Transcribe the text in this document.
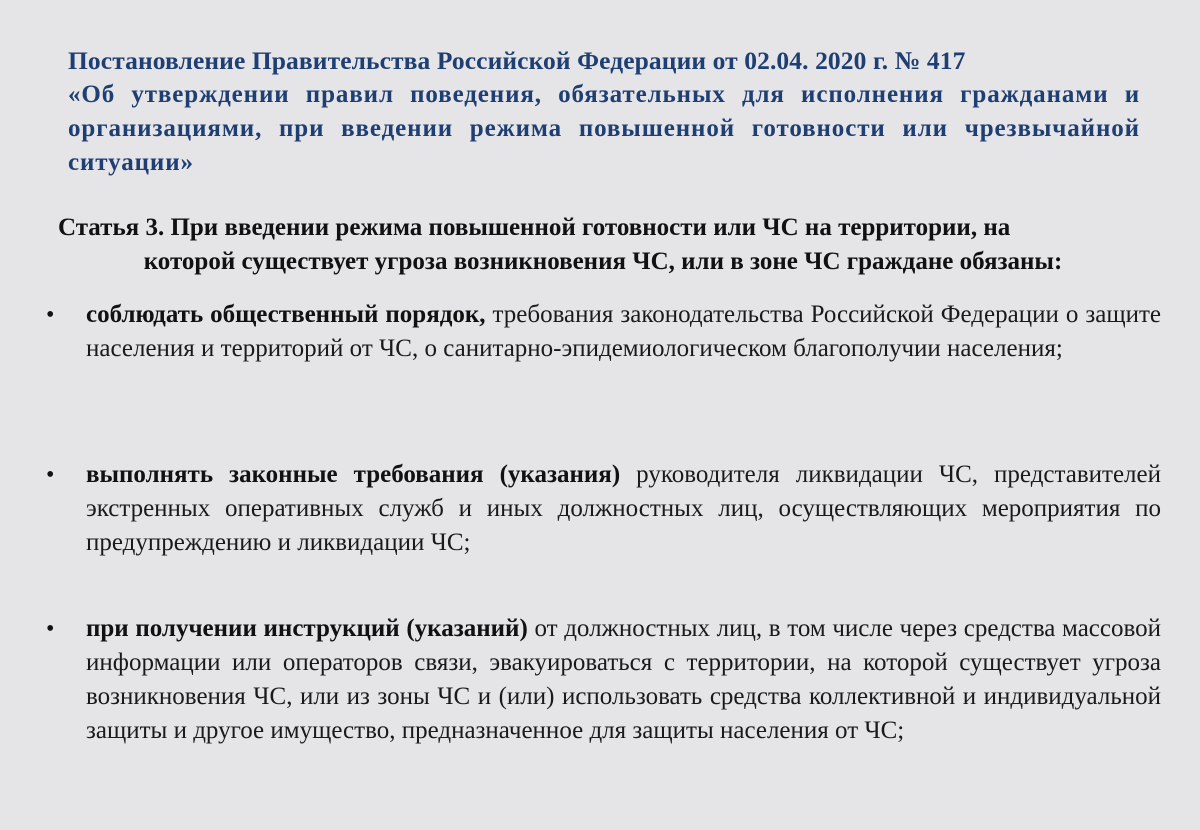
Постановление Правительства Российской Федерации от 02.04. 2020 г. № 417
«Об утверждении правил поведения, обязательных для исполнения гражданами и организациями, при введении режима повышенной готовности или чрезвычайной ситуации»
Статья 3. При введении режима повышенной готовности или ЧС на территории, на
которой существует угроза возникновения ЧС, или в зоне ЧС граждане обязаны:
• соблюдать общественный порядок, требования законодательства Российской Федерации о защите населения и территорий от ЧС, о санитарно-эпидемиологическом благополучии населения;
• выполнять законные требования (указания) руководителя ликвидации ЧС, представителей экстренных оперативных служб и иных должностных лиц, осуществляющих мероприятия по предупреждению и ликвидации ЧС;
• при получении инструкций (указаний) от должностных лиц, в том числе через средства массовой информации или операторов связи, эвакуироваться с территории, на которой существует угроза возникновения ЧС, или из зоны ЧС и (или) использовать средства коллективной и индивидуальной защиты и другое имущество, предназначенное для защиты населения от ЧС;
